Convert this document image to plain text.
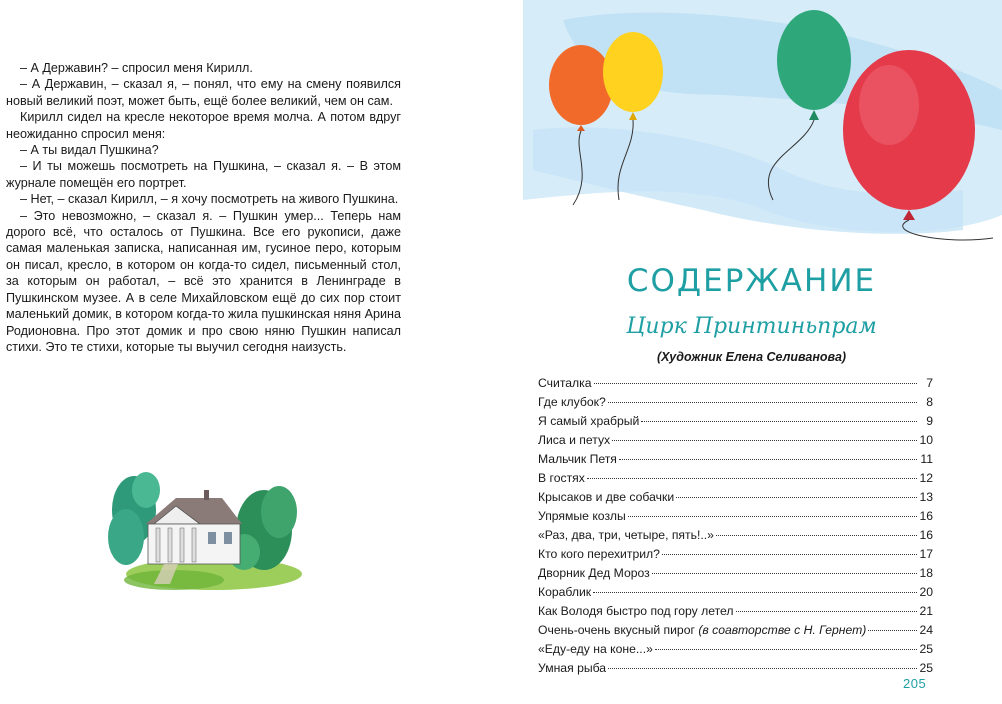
– А Державин? – спросил меня Кирилл.

– А Державин, – сказал я, – понял, что ему на смену появился новый великий поэт, может быть, ещё более великий, чем он сам.

Кирилл сидел на кресле некоторое время молча. А потом вдруг неожиданно спросил меня:

– А ты видал Пушкина?

– И ты можешь посмотреть на Пушкина, – сказал я. – В этом журнале помещён его портрет.

– Нет, – сказал Кирилл, – я хочу посмотреть на живого Пушкина.

– Это невозможно, – сказал я. – Пушкин умер... Теперь нам дорого всё, что осталось от Пушкина. Все его рукописи, даже самая маленькая записка, написанная им, гусиное перо, которым он писал, кресло, в котором он когда-то сидел, письменный стол, за которым он работал, – всё это хранится в Ленинграде в Пушкинском музее. А в селе Михайловском ещё до сих пор стоит маленький домик, в котором когда-то жила пушкинская няня Арина Родионовна. Про этот домик и про свою няню Пушкин написал стихи. Это те стихи, которые ты выучил сегодня наизусть.

СОДЕРЖАНИЕ
Цирк Принтиньпрам
(Художник Елена Селиванова)
Считалка	7
Где клубок?	8
Я самый храбрый	9
Лиса и петух	10
Мальчик Петя	11
В гостях	12
Крысаков и две собачки	13
Упрямые козлы	16
«Раз, два, три, четыре, пять!..»	16
Кто кого перехитрил?	17
Дворник Дед Мороз	18
Кораблик	20
Как Володя быстро под гору летел	21
Очень-очень вкусный пирог (в соавторстве с Н. Гернет)	24
«Еду-еду на коне...»	25
Умная рыба	25
205
